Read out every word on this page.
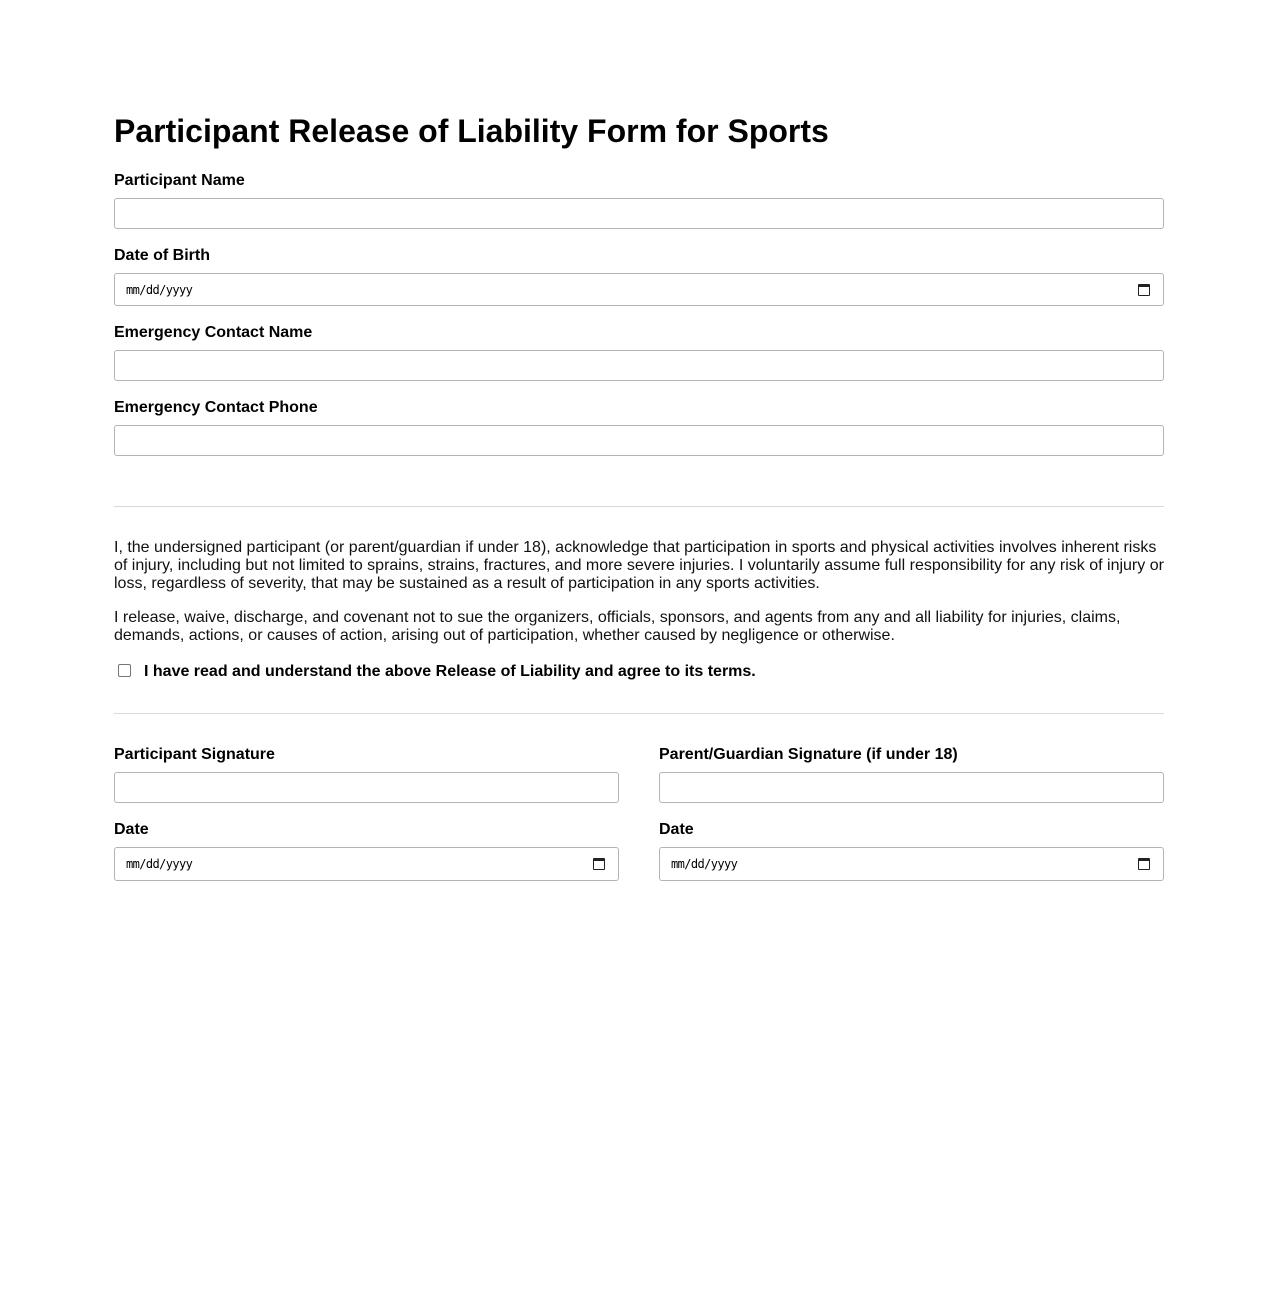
Participant Release of Liability Form for Sports
Participant Name
Date of Birth
mm/dd/yyyy
Emergency Contact Name
Emergency Contact Phone

I, the undersigned participant (or parent/guardian if under 18), acknowledge that participation in sports and physical activities involves inherent risks of injury, including but not limited to sprains, strains, fractures, and more severe injuries. I voluntarily assume full responsibility for any risk of injury or loss, regardless of severity, that may be sustained as a result of participation in any sports activities.

I release, waive, discharge, and covenant not to sue the organizers, officials, sponsors, and agents from any and all liability for injuries, claims, demands, actions, or causes of action, arising out of participation, whether caused by negligence or otherwise.

I have read and understand the above Release of Liability and agree to its terms.
Participant Signature	Parent/Guardian Signature (if under 18)
Date
mm/dd/yyyy
Date
mm/dd/yyyy
